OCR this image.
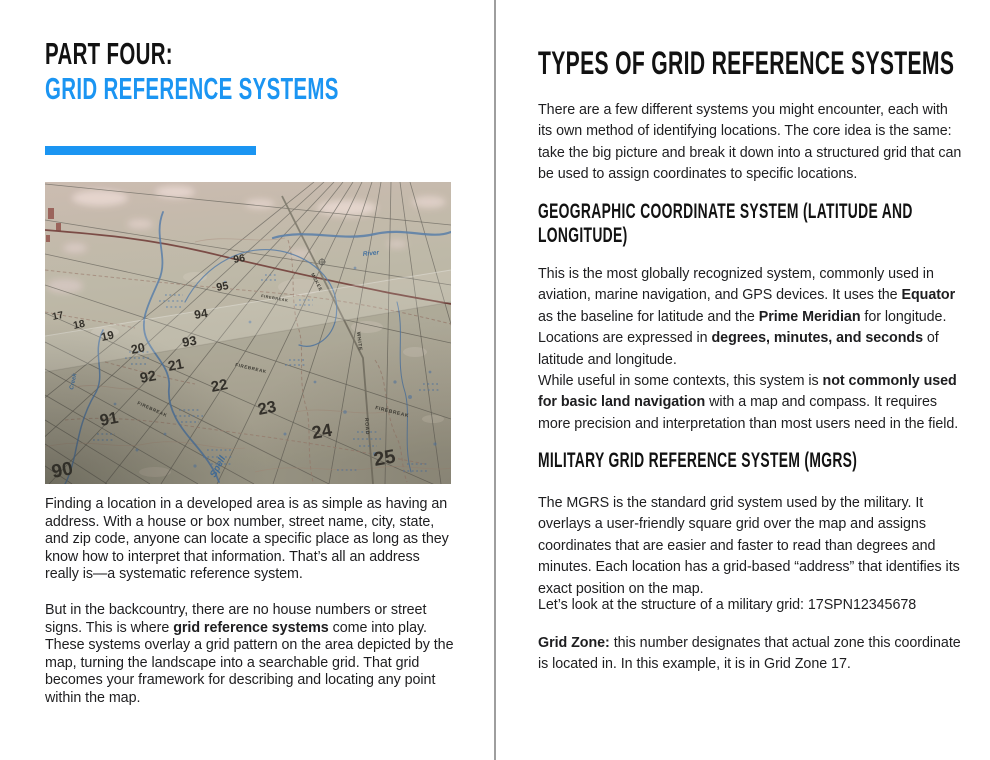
PART FOUR:
GRID REFERENCE SYSTEMS

Finding a location in a developed area is as simple as having an address. With a house or box number, street name, city, state, and zip code, anyone can locate a specific place as long as they know how to interpret that information. That’s all an address really is—a systematic reference system.

But in the backcountry, there are no house numbers or street signs. This is where grid reference systems come into play. These systems overlay a grid pattern on the area depicted by the map, turning the landscape into a searchable grid. That grid becomes your framework for describing and locating any point within the map.

TYPES OF GRID REFERENCE SYSTEMS

There are a few different systems you might encounter, each with its own method of identifying locations. The core idea is the same: take the big picture and break it down into a structured grid that can be used to assign coordinates to specific locations.

GEOGRAPHIC COORDINATE SYSTEM (LATITUDE AND LONGITUDE)

This is the most globally recognized system, commonly used in aviation, marine navigation, and GPS devices. It uses the Equator as the baseline for latitude and the Prime Meridian for longitude. Locations are expressed in degrees, minutes, and seconds of latitude and longitude.

While useful in some contexts, this system is not commonly used for basic land navigation with a map and compass. It requires more precision and interpretation than most users need in the field.

MILITARY GRID REFERENCE SYSTEM (MGRS)

The MGRS is the standard grid system used by the military. It overlays a user-friendly square grid over the map and assigns coordinates that are easier and faster to read than degrees and minutes. Each location has a grid-based “address” that identifies its exact position on the map.

Let’s look at the structure of a military grid: 17SPN12345678

Grid Zone: this number designates that actual zone this coordinate is located in. In this example, it is in Grid Zone 17.
